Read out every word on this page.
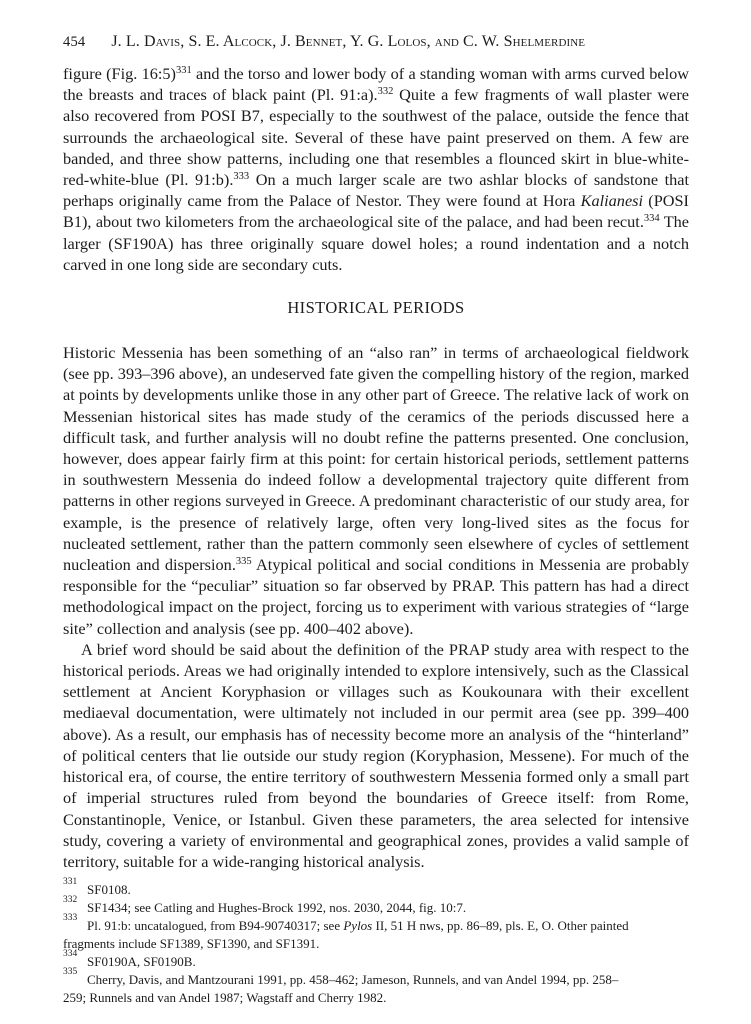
454 J. L. Davis, S. E. Alcock, J. Bennet, Y. G. Lolos, and C. W. Shelmerdine

figure (Fig. 16:5)$^{331}$ and the torso and lower body of a standing woman with arms curved below the breasts and traces of black paint (Pl. 91:a).$^{332}$ Quite a few fragments of wall plaster were also recovered from POSI B7, especially to the southwest of the palace, outside the fence that surrounds the archaeological site. Several of these have paint preserved on them. A few are banded, and three show patterns, including one that resembles a flounced skirt in blue-white-red-white-blue (Pl. 91:b).$^{333}$ On a much larger scale are two ashlar blocks of sandstone that perhaps originally came from the Palace of Nestor. They were found at Hora Kalianesi (POSI B1), about two kilometers from the archaeological site of the palace, and had been recut.$^{334}$ The larger (SF190A) has three originally square dowel holes; a round indentation and a notch carved in one long side are secondary cuts.

HISTORICAL PERIODS

Historic Messenia has been something of an “also ran” in terms of archaeological fieldwork (see pp. 393–396 above), an undeserved fate given the compelling history of the region, marked at points by developments unlike those in any other part of Greece. The relative lack of work on Messenian historical sites has made study of the ceramics of the periods discussed here a difficult task, and further analysis will no doubt refine the patterns presented. One conclusion, however, does appear fairly firm at this point: for certain historical periods, settlement patterns in southwestern Messenia do indeed follow a developmental trajectory quite different from patterns in other regions surveyed in Greece. A predominant characteristic of our study area, for example, is the presence of relatively large, often very long-lived sites as the focus for nucleated settlement, rather than the pattern commonly seen elsewhere of cycles of settlement nucleation and dispersion.$^{335}$ Atypical political and social conditions in Messenia are probably responsible for the “peculiar” situation so far observed by PRAP. This pattern has had a direct methodological impact on the project, forcing us to experiment with various strategies of “large site” collection and analysis (see pp. 400–402 above).

A brief word should be said about the definition of the PRAP study area with respect to the historical periods. Areas we had originally intended to explore intensively, such as the Classical settlement at Ancient Koryphasion or villages such as Koukounara with their excellent mediaeval documentation, were ultimately not included in our permit area (see pp. 399–400 above). As a result, our emphasis has of necessity become more an analysis of the “hinterland” of political centers that lie outside our study region (Koryphasion, Messene). For much of the historical era, of course, the entire territory of southwestern Messenia formed only a small part of imperial structures ruled from beyond the boundaries of Greece itself: from Rome, Constantinople, Venice, or Istanbul. Given these parameters, the area selected for intensive study, covering a variety of environmental and geographical zones, provides a valid sample of territory, suitable for a wide-ranging historical analysis.

331 SF0108.
332 SF1434; see Catling and Hughes-Brock 1992, nos. 2030, 2044, fig. 10:7.
333 Pl. 91:b: uncatalogued, from B94-90740317; see Pylos II, 51 H nws, pp. 86–89, pls. E, O. Other painted
fragments include SF1389, SF1390, and SF1391.
334 SF0190A, SF0190B.
335 Cherry, Davis, and Mantzourani 1991, pp. 458–462; Jameson, Runnels, and van Andel 1994, pp. 258–
259; Runnels and van Andel 1987; Wagstaff and Cherry 1982.
